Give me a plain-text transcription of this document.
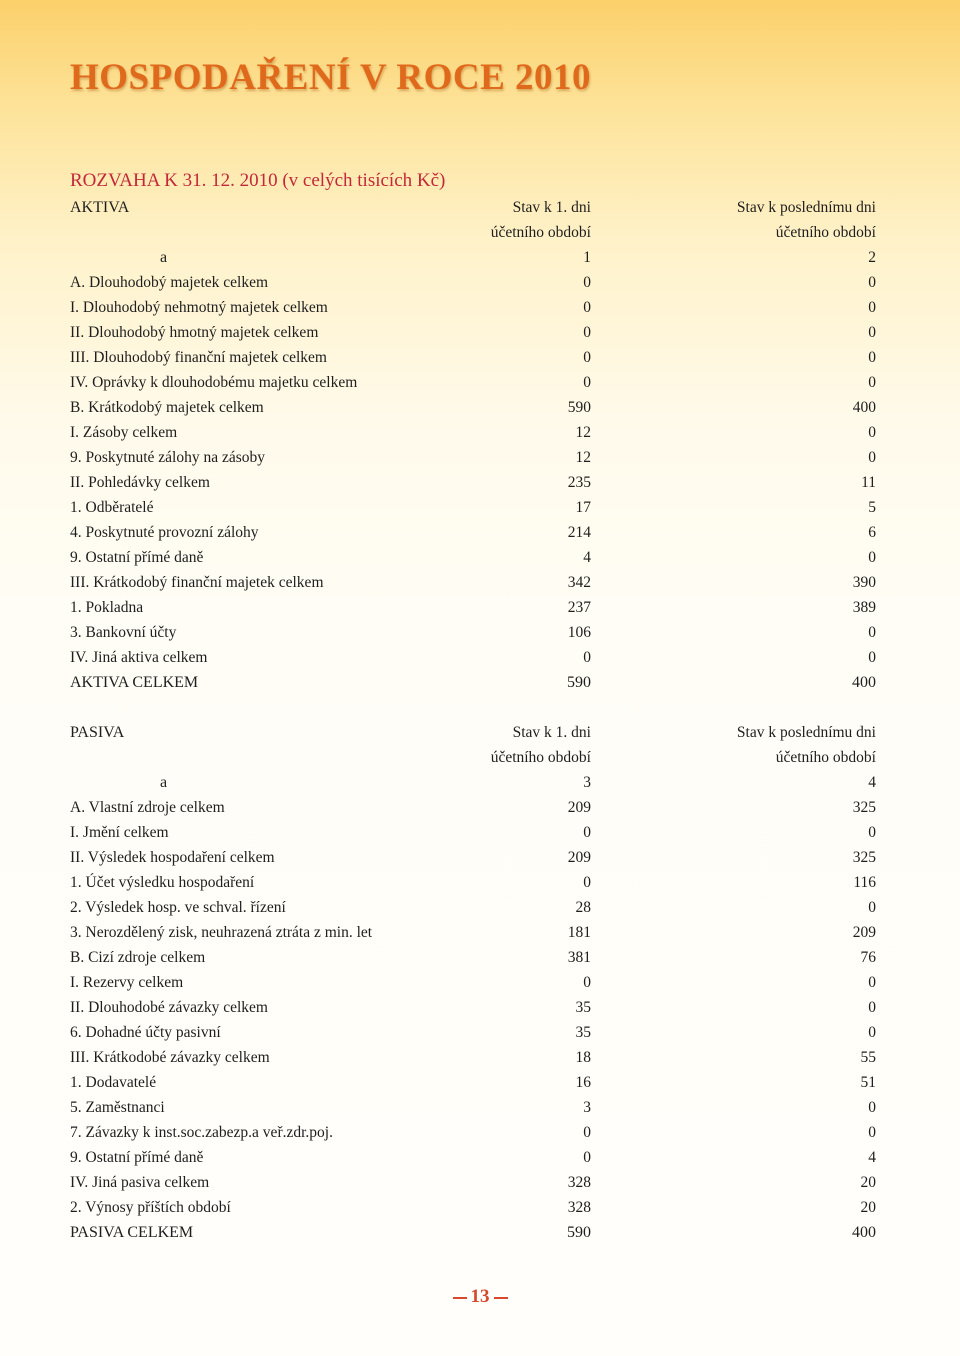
HOSPODAŘENÍ V ROCE 2010
ROZVAHA K 31. 12. 2010 (v celých tisících Kč)
AKTIVA	Stav k 1. dni	Stav k poslednímu dni
účetního období	účetního období
a	1	2
A. Dlouhodobý majetek celkem	0	0
I. Dlouhodobý nehmotný majetek celkem	0	0
II. Dlouhodobý hmotný majetek celkem	0	0
III. Dlouhodobý finanční majetek celkem	0	0
IV. Oprávky k dlouhodobému majetku celkem	0	0
B. Krátkodobý majetek celkem	590	400
I. Zásoby celkem	12	0
9. Poskytnuté zálohy na zásoby	12	0
II. Pohledávky celkem	235	11
1. Odběratelé	17	5
4. Poskytnuté provozní zálohy	214	6
9. Ostatní přímé daně	4	0
III. Krátkodobý finanční majetek celkem	342	390
1. Pokladna	237	389
3. Bankovní účty	106	0
IV. Jiná aktiva celkem	0	0
AKTIVA CELKEM	590	400
PASIVA	Stav k 1. dni	Stav k poslednímu dni
účetního období	účetního období
a	3	4
A. Vlastní zdroje celkem	209	325
I. Jmění celkem	0	0
II. Výsledek hospodaření celkem	209	325
1. Účet výsledku hospodaření	0	116
2. Výsledek hosp. ve schval. řízení	28	0
3. Nerozdělený zisk, neuhrazená ztráta z min. let	181	209
B. Cizí zdroje celkem	381	76
I. Rezervy celkem	0	0
II. Dlouhodobé závazky celkem	35	0
6. Dohadné účty pasivní	35	0
III. Krátkodobé závazky celkem	18	55
1. Dodavatelé	16	51
5. Zaměstnanci	3	0
7. Závazky k inst.soc.zabezp.a veř.zdr.poj.	0	0
9. Ostatní přímé daně	0	4
IV. Jiná pasiva celkem	328	20
2. Výnosy příštích období	328	20
PASIVA CELKEM	590	400
13
